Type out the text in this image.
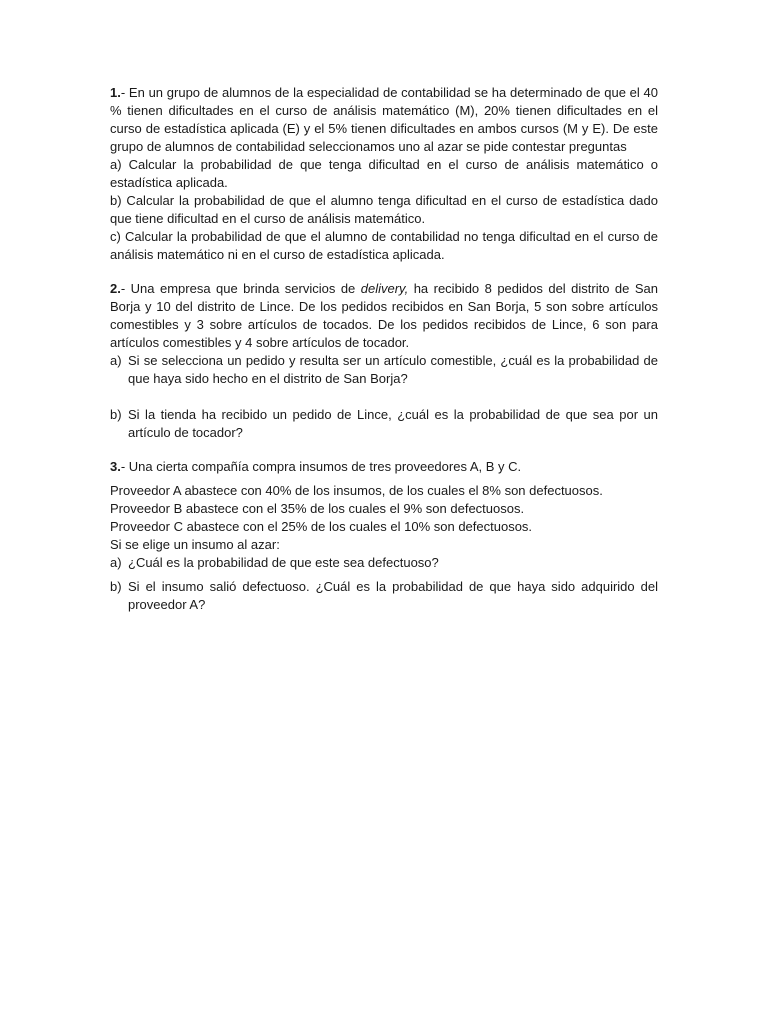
1.- En un grupo de alumnos de la especialidad de contabilidad se ha determinado de que el 40 % tienen dificultades en el curso de análisis matemático (M), 20% tienen dificultades en el curso de estadística aplicada (E) y el 5% tienen dificultades en ambos cursos (M y E). De este grupo de alumnos de contabilidad seleccionamos uno al azar se pide contestar preguntas

a) Calcular la probabilidad de que tenga dificultad en el curso de análisis matemático o estadística aplicada.

b) Calcular la probabilidad de que el alumno tenga dificultad en el curso de estadística dado que tiene dificultad en el curso de análisis matemático.

c) Calcular la probabilidad de que el alumno de contabilidad no tenga dificultad en el curso de análisis matemático ni en el curso de estadística aplicada.

2.- Una empresa que brinda servicios de delivery, ha recibido 8 pedidos del distrito de San Borja y 10 del distrito de Lince. De los pedidos recibidos en San Borja, 5 son sobre artículos comestibles y 3 sobre artículos de tocados. De los pedidos recibidos de Lince, 6 son para artículos comestibles y 4 sobre artículos de tocador.

a) Si se selecciona un pedido y resulta ser un artículo comestible, ¿cuál es la probabilidad de que haya sido hecho en el distrito de San Borja?
b) Si la tienda ha recibido un pedido de Lince, ¿cuál es la probabilidad de que sea por un artículo de tocador?

3.- Una cierta compañía compra insumos de tres proveedores A, B y C.

Proveedor A abastece con 40% de los insumos, de los cuales el 8% son defectuosos.

Proveedor B abastece con el 35% de los cuales el 9% son defectuosos.

Proveedor C abastece con el 25% de los cuales el 10% son defectuosos.

Si se elige un insumo al azar:

a) ¿Cuál es la probabilidad de que este sea defectuoso?
b) Si el insumo salió defectuoso. ¿Cuál es la probabilidad de que haya sido adquirido del proveedor A?
